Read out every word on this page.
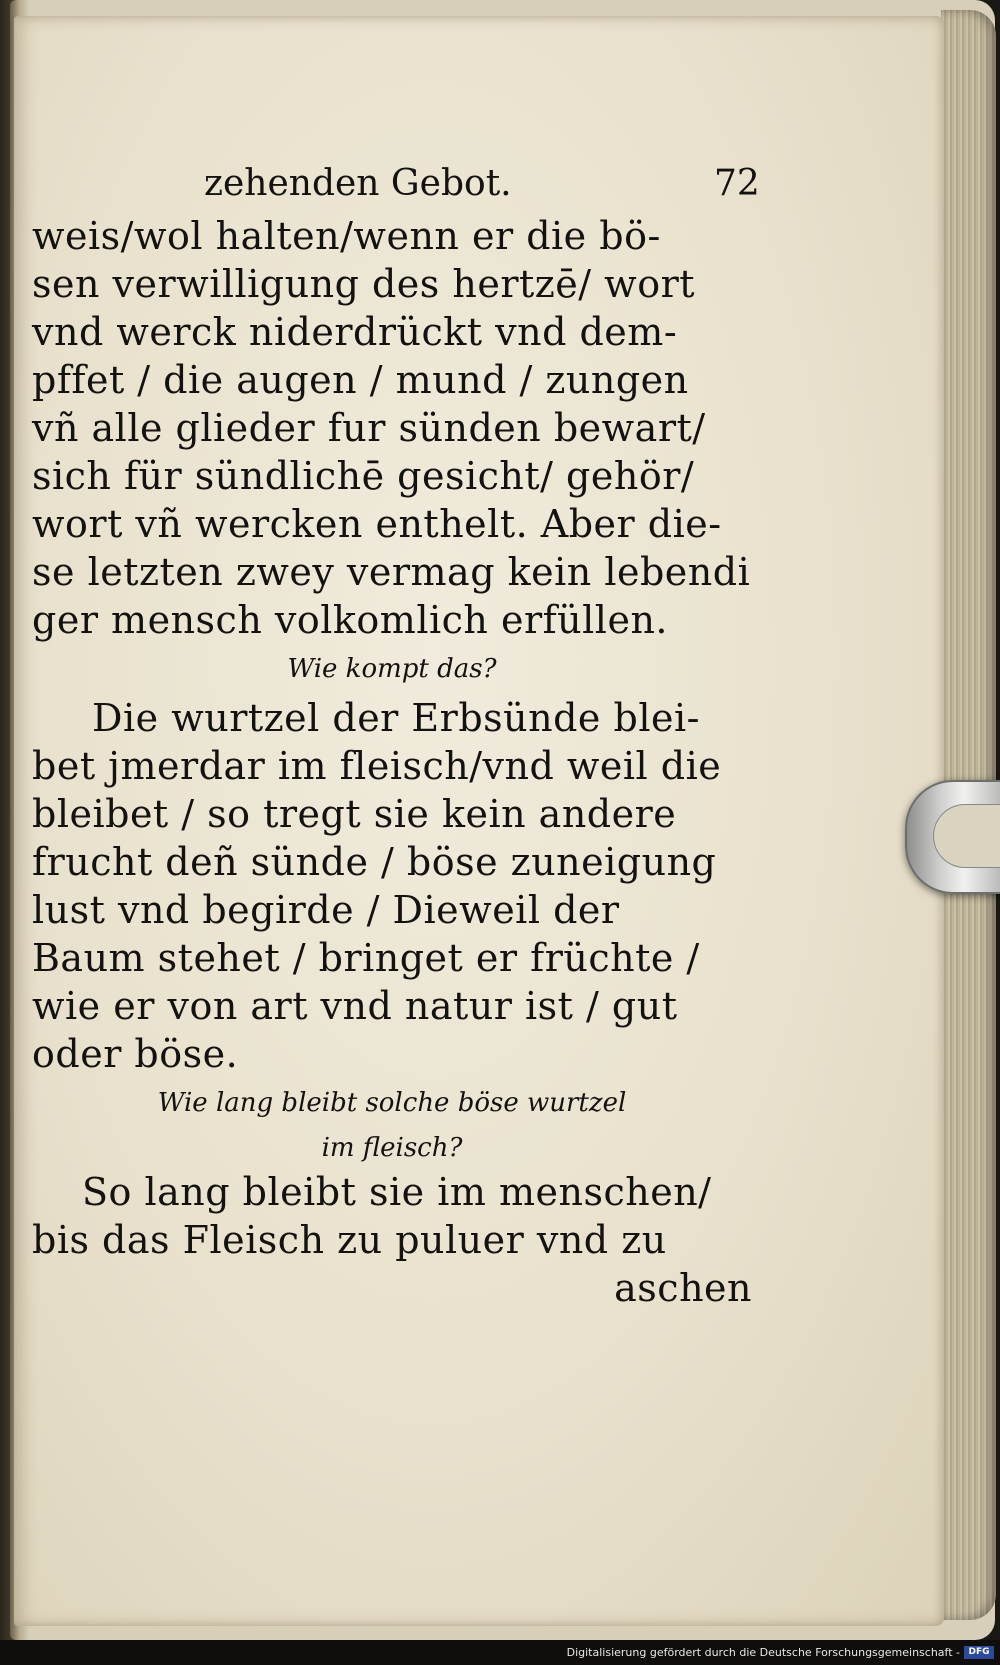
zehenden Gebot.	72
weis/wol halten/wenn er die bö-
sen verwilligung des hertzē/ wort
vnd werck niderdrückt vnd dem-
pffet / die augen / mund / zungen
vñ alle glieder fur sünden bewart/
sich für sündlichē gesicht/ gehör/
wort vñ wercken enthelt. Aber die-
se letzten zwey vermag kein lebendi
ger mensch volkomlich erfüllen.
Wie kompt das?
Die wurtzel der Erbsünde blei-
bet jmerdar im fleisch/vnd weil die
bleibet / so tregt sie kein andere
frucht deñ sünde / böse zuneigung
lust vnd begirde / Dieweil der
Baum stehet / bringet er früchte /
wie er von art vnd natur ist / gut
oder böse.
Wie lang bleibt solche böse wurtzel
im fleisch?
So lang bleibt sie im menschen/
bis das Fleisch zu puluer vnd zu
aschen
Digitalisierung gefördert durch die Deutsche Forschungsgemeinschaft - DFG
